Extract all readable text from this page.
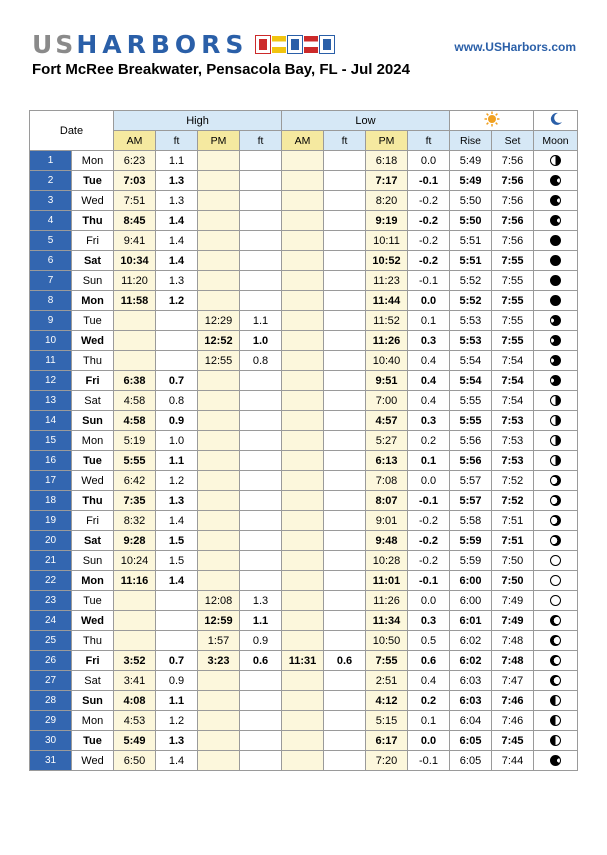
USHARBORS	www.USHarbors.com
Fort McRee Breakwater, Pensacola Bay, FL - Jul 2024
Date		High				Low		
		AM	ft	PM	ft	AM	ft	PM	ft	Rise	Set	Moon
1	Mon	6:23	1.1					6:18	0.0	5:49	7:56	
2	Tue	7:03	1.3					7:17	-0.1	5:49	7:56	
3	Wed	7:51	1.3					8:20	-0.2	5:50	7:56	
4	Thu	8:45	1.4					9:19	-0.2	5:50	7:56	
5	Fri	9:41	1.4					10:11	-0.2	5:51	7:56	
6	Sat	10:34	1.4					10:52	-0.2	5:51	7:55	
7	Sun	11:20	1.3					11:23	-0.1	5:52	7:55	
8	Mon	11:58	1.2					11:44	0.0	5:52	7:55	
9	Tue			12:29	1.1			11:52	0.1	5:53	7:55	
10	Wed			12:52	1.0			11:26	0.3	5:53	7:55	
11	Thu			12:55	0.8			10:40	0.4	5:54	7:54	
12	Fri	6:38	0.7					9:51	0.4	5:54	7:54	
13	Sat	4:58	0.8					7:00	0.4	5:55	7:54	
14	Sun	4:58	0.9					4:57	0.3	5:55	7:53	
15	Mon	5:19	1.0					5:27	0.2	5:56	7:53	
16	Tue	5:55	1.1					6:13	0.1	5:56	7:53	
17	Wed	6:42	1.2					7:08	0.0	5:57	7:52	
18	Thu	7:35	1.3					8:07	-0.1	5:57	7:52	
19	Fri	8:32	1.4					9:01	-0.2	5:58	7:51	
20	Sat	9:28	1.5					9:48	-0.2	5:59	7:51	
21	Sun	10:24	1.5					10:28	-0.2	5:59	7:50	
22	Mon	11:16	1.4					11:01	-0.1	6:00	7:50	
23	Tue			12:08	1.3			11:26	0.0	6:00	7:49	
24	Wed			12:59	1.1			11:34	0.3	6:01	7:49	
25	Thu			1:57	0.9			10:50	0.5	6:02	7:48	
26	Fri	3:52	0.7	3:23	0.6	11:31	0.6	7:55	0.6	6:02	7:48	
27	Sat	3:41	0.9					2:51	0.4	6:03	7:47	
28	Sun	4:08	1.1					4:12	0.2	6:03	7:46	
29	Mon	4:53	1.2					5:15	0.1	6:04	7:46	
30	Tue	5:49	1.3					6:17	0.0	6:05	7:45	
31	Wed	6:50	1.4					7:20	-0.1	6:05	7:44	
